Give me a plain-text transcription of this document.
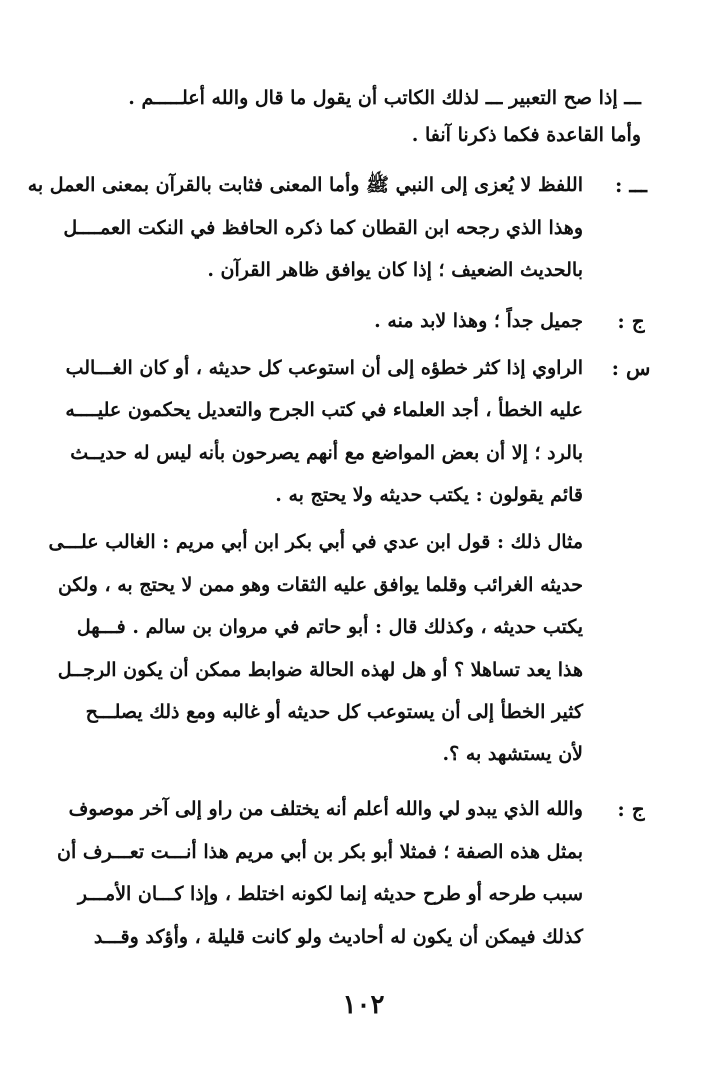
ـــ إذا صح التعبير ـــ لذلك الكاتب أن يقول ما قال والله أعلـــــم .
وأما القاعدة فكما ذكرنا آنفا .
ـــ :
اللفظ لا يُعزى إلى النبي ﷺ وأما المعنى فثابت بالقرآن بمعنى العمل به
وهذا الذي رجحه ابن القطان كما ذكره الحافظ في النكت العمــــل
بالحديث الضعيف ؛ إذا كان يوافق ظاهر القرآن .
ج :
جميل جداً ؛ وهذا لابد منه .
س :
الراوي إذا كثر خطؤه إلى أن استوعب كل حديثه ، أو كان الغـــالب
عليه الخطأ ، أجد العلماء في كتب الجرح والتعديل يحكمون عليــــه
بالرد ؛ إلا أن بعض المواضع مع أنهم يصرحون بأنه ليس له حديــث
قائم يقولون : يكتب حديثه ولا يحتج به .
مثال ذلك : قول ابن عدي في أبي بكر ابن أبي مريم : الغالب علـــى
حديثه الغرائب وقلما يوافق عليه الثقات وهو ممن لا يحتج به ، ولكن
يكتب حديثه ، وكذلك قال : أبو حاتم في مروان بن سالم . فـــهل
هذا يعد تساهلا ؟ أو هل لهذه الحالة ضوابط ممكن أن يكون الرجــل
كثير الخطأ إلى أن يستوعب كل حديثه أو غالبه ومع ذلك يصلـــح
لأن يستشهد به ؟.
ج :
والله الذي يبدو لي والله أعلم أنه يختلف من راو إلى آخر موصوف
بمثل هذه الصفة ؛ فمثلا أبو بكر بن أبي مريم هذا أنـــت تعـــرف أن
سبب طرحه أو طرح حديثه إنما لكونه اختلط ، وإذا كـــان الأمـــر
كذلك فيمكن أن يكون له أحاديث ولو كانت قليلة ، وأؤكد وقـــد
١٠٢
